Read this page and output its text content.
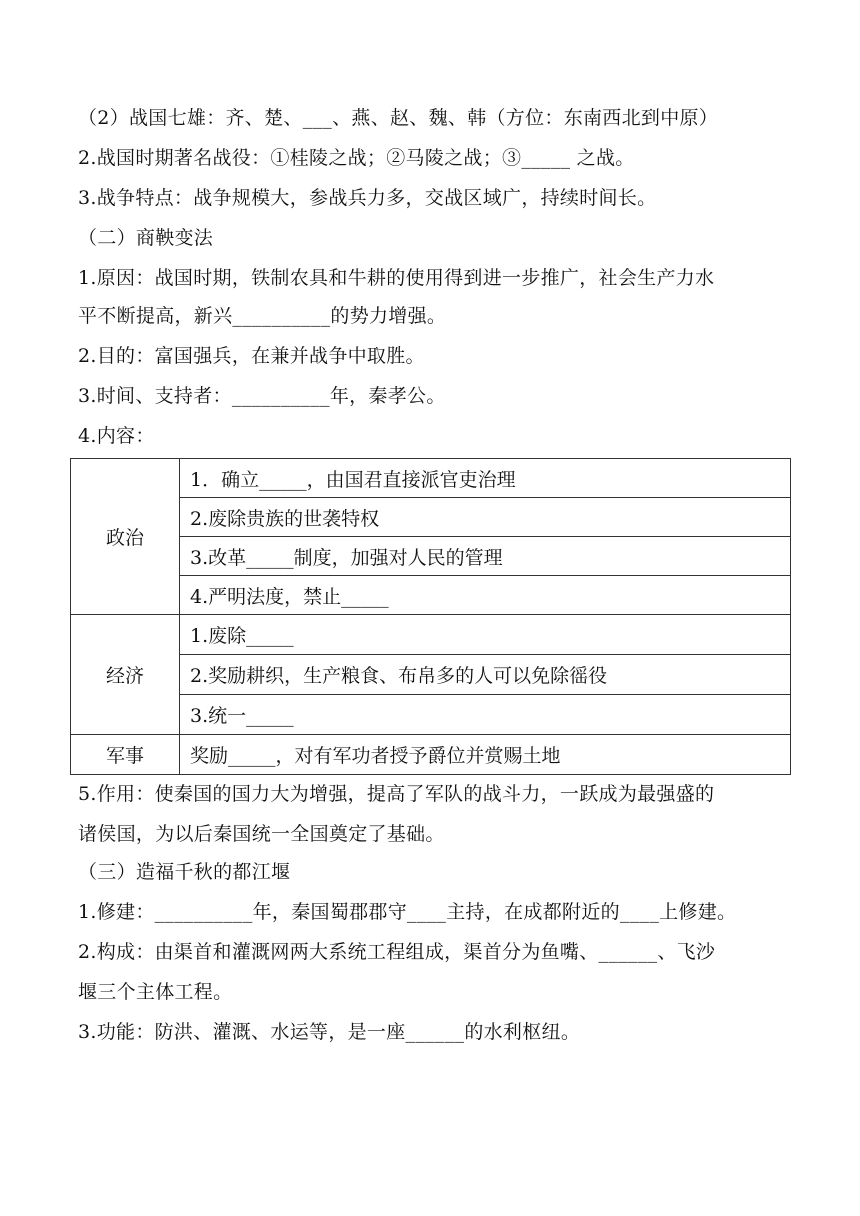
（2）战国七雄：齐、楚、___、燕、赵、魏、韩（方位：东南西北到中原）
2.战国时期著名战役：①桂陵之战；②马陵之战；③_____ 之战。
3.战争特点：战争规模大，参战兵力多，交战区域广，持续时间长。
（二）商鞅变法
1.原因：战国时期，铁制农具和牛耕的使用得到进一步推广，社会生产力水
平不断提高，新兴__________的势力增强。
2.目的：富国强兵，在兼并战争中取胜。
3.时间、支持者：__________年，秦孝公。
4.内容：
政治	1．确立_____，由国君直接派官吏治理
	2.废除贵族的世袭特权
	3.改革_____制度，加强对人民的管理
	4.严明法度，禁止_____
经济	1.废除_____
	2.奖励耕织，生产粮食、布帛多的人可以免除徭役
	3.统一_____
军事	奖励_____，对有军功者授予爵位并赏赐土地
5.作用：使秦国的国力大为增强，提高了军队的战斗力，一跃成为最强盛的
诸侯国，为以后秦国统一全国奠定了基础。
（三）造福千秋的都江堰
1.修建：__________年，秦国蜀郡郡守____主持，在成都附近的____上修建。
2.构成：由渠首和灌溉网两大系统工程组成，渠首分为鱼嘴、______、飞沙
堰三个主体工程。
3.功能：防洪、灌溉、水运等，是一座______的水利枢纽。
